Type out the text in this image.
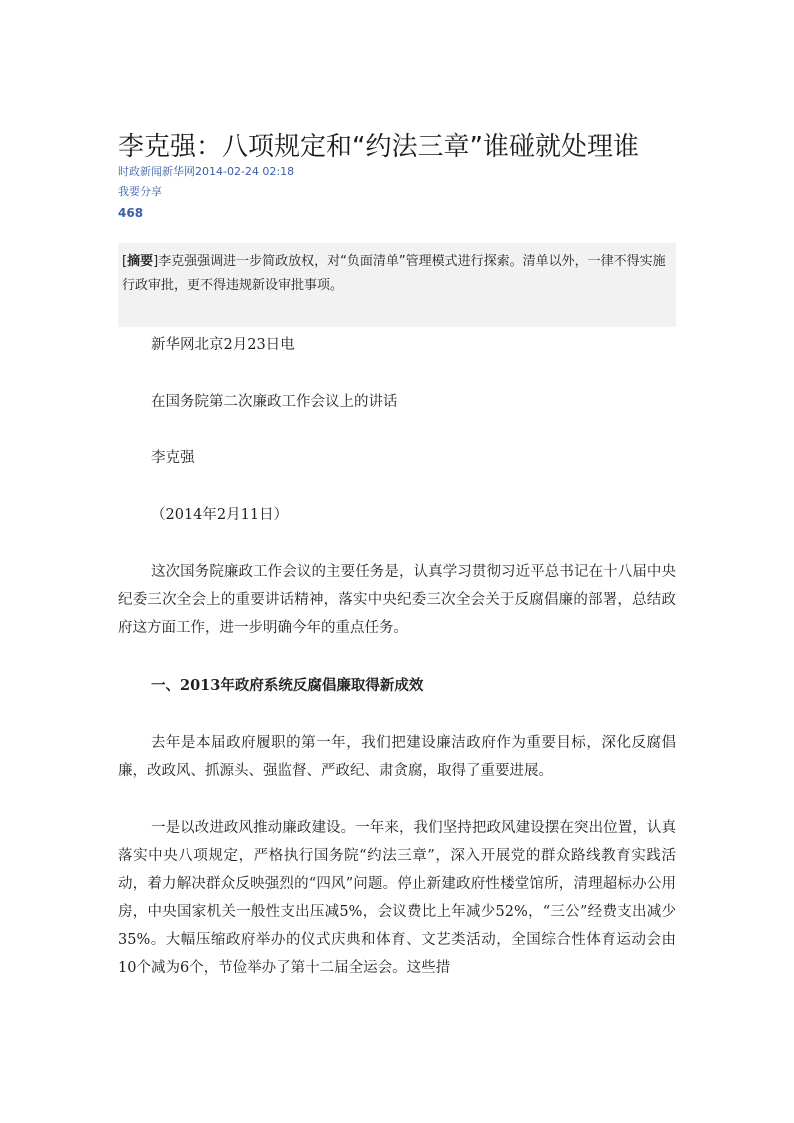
李克强：八项规定和“约法三章”谁碰就处理谁
时政新闻新华网2014-02-24 02:18
我要分享
468
[摘要]李克强强调进一步简政放权，对“负面清单”管理模式进行探索。清单以外，一律不得实施行政审批，更不得违规新设审批事项。
新华网北京2月23日电
在国务院第二次廉政工作会议上的讲话
李克强
（2014年2月11日）
这次国务院廉政工作会议的主要任务是，认真学习贯彻习近平总书记在十八届中央纪委三次全会上的重要讲话精神，落实中央纪委三次全会关于反腐倡廉的部署，总结政府这方面工作，进一步明确今年的重点任务。
一、2013年政府系统反腐倡廉取得新成效
去年是本届政府履职的第一年，我们把建设廉洁政府作为重要目标，深化反腐倡廉，改政风、抓源头、强监督、严政纪、肃贪腐，取得了重要进展。
一是以改进政风推动廉政建设。一年来，我们坚持把政风建设摆在突出位置，认真落实中央八项规定，严格执行国务院“约法三章”，深入开展党的群众路线教育实践活动，着力解决群众反映强烈的“四风”问题。停止新建政府性楼堂馆所，清理超标办公用房，中央国家机关一般性支出压减5%，会议费比上年减少52%，“三公”经费支出减少35%。大幅压缩政府举办的仪式庆典和体育、文艺类活动，全国综合性体育运动会由10个减为6个，节俭举办了第十二届全运会。这些措
